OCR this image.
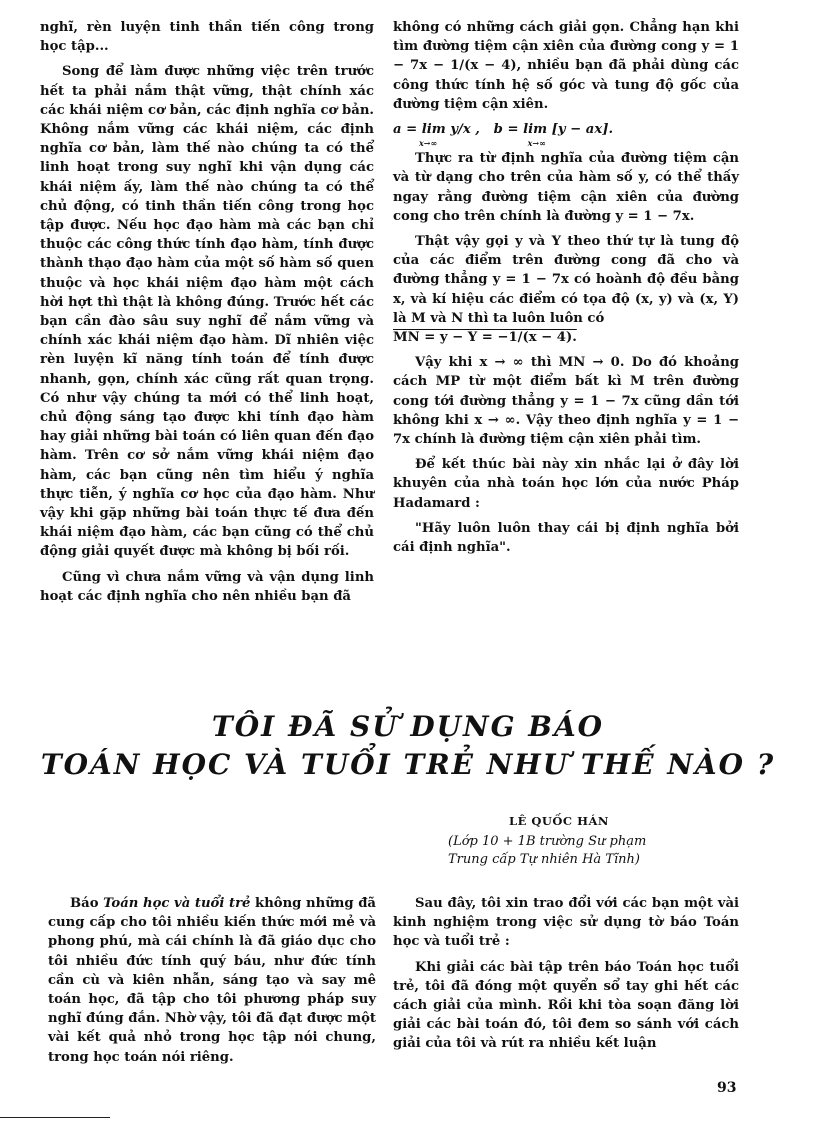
nghĩ, rèn luyện tinh thần tiến công trong học tập...

Song để làm được những việc trên trước hết ta phải nắm thật vững, thật chính xác các khái niệm cơ bản, các định nghĩa cơ bản. Không nắm vững các khái niệm, các định nghĩa cơ bản, làm thế nào chúng ta có thể linh hoạt trong suy nghĩ khi vận dụng các khái niệm ấy, làm thế nào chúng ta có thể chủ động, có tinh thần tiến công trong học tập được. Nếu học đạo hàm mà các bạn chỉ thuộc các công thức tính đạo hàm, tính được thành thạo đạo hàm của một số hàm số quen thuộc và học khái niệm đạo hàm một cách hời hợt thì thật là không đúng. Trước hết các bạn cần đào sâu suy nghĩ để nắm vững và chính xác khái niệm đạo hàm. Dĩ nhiên việc rèn luyện kĩ năng tính toán để tính được nhanh, gọn, chính xác cũng rất quan trọng. Có như vậy chúng ta mới có thể linh hoạt, chủ động sáng tạo được khi tính đạo hàm hay giải những bài toán có liên quan đến đạo hàm. Trên cơ sở nắm vững khái niệm đạo hàm, các bạn cũng nên tìm hiểu ý nghĩa thực tiễn, ý nghĩa cơ học của đạo hàm. Như vậy khi gặp những bài toán thực tế đưa đến khái niệm đạo hàm, các bạn cũng có thể chủ động giải quyết được mà không bị bối rối.

Cũng vì chưa nắm vững và vận dụng linh hoạt các định nghĩa cho nên nhiều bạn đã

không có những cách giải gọn. Chẳng hạn khi tìm đường tiệm cận xiên của đường cong y = 1 − 7x − 1/(x − 4), nhiều bạn đã phải dùng các công thức tính hệ số góc và tung độ gốc của đường tiệm cận xiên.

a = lim y/x ,
x→∞
b = lim [y − ax].
x→∞

Thực ra từ định nghĩa của đường tiệm cận và từ dạng cho trên của hàm số y, có thể thấy ngay rằng đường tiệm cận xiên của đường cong cho trên chính là đường y = 1 − 7x.

Thật vậy gọi y và Y theo thứ tự là tung độ của các điểm trên đường cong đã cho và đường thẳng y = 1 − 7x có hoành độ đều bằng x, và kí hiệu các điểm có tọa độ (x, y) và (x, Y) là M và N thì ta luôn luôn có

MN = y − Y = −1/(x − 4).

Vậy khi x → ∞ thì MN → 0. Do đó khoảng cách MP từ một điểm bất kì M trên đường cong tới đường thẳng y = 1 − 7x cũng dần tới không khi x → ∞. Vậy theo định nghĩa y = 1 − 7x chính là đường tiệm cận xiên phải tìm.

Để kết thúc bài này xin nhắc lại ở đây lời khuyên của nhà toán học lớn của nước Pháp Hadamard :

"Hãy luôn luôn thay cái bị định nghĩa bởi cái định nghĩa".

TÔI ĐÃ SỬ DỤNG BÁO
TOÁN HỌC VÀ TUỔI TRẺ NHƯ THẾ NÀO ?
LÊ QUỐC HÁN
(Lớp 10 + 1B trường Sư phạm
Trung cấp Tự nhiên Hà Tĩnh)

Báo Toán học và tuổi trẻ không những đã cung cấp cho tôi nhiều kiến thức mới mẻ và phong phú, mà cái chính là đã giáo dục cho tôi nhiều đức tính quý báu, như đức tính cần cù và kiên nhẫn, sáng tạo và say mê toán học, đã tập cho tôi phương pháp suy nghĩ đúng đắn. Nhờ vậy, tôi đã đạt được một vài kết quả nhỏ trong học tập nói chung, trong học toán nói riêng.

Sau đây, tôi xin trao đổi với các bạn một vài kinh nghiệm trong việc sử dụng tờ báo Toán học và tuổi trẻ :

Khi giải các bài tập trên báo Toán học tuổi trẻ, tôi đã đóng một quyển sổ tay ghi hết các cách giải của mình. Rồi khi tòa soạn đăng lời giải các bài toán đó, tôi đem so sánh với cách giải của tôi và rút ra nhiều kết luận

93
